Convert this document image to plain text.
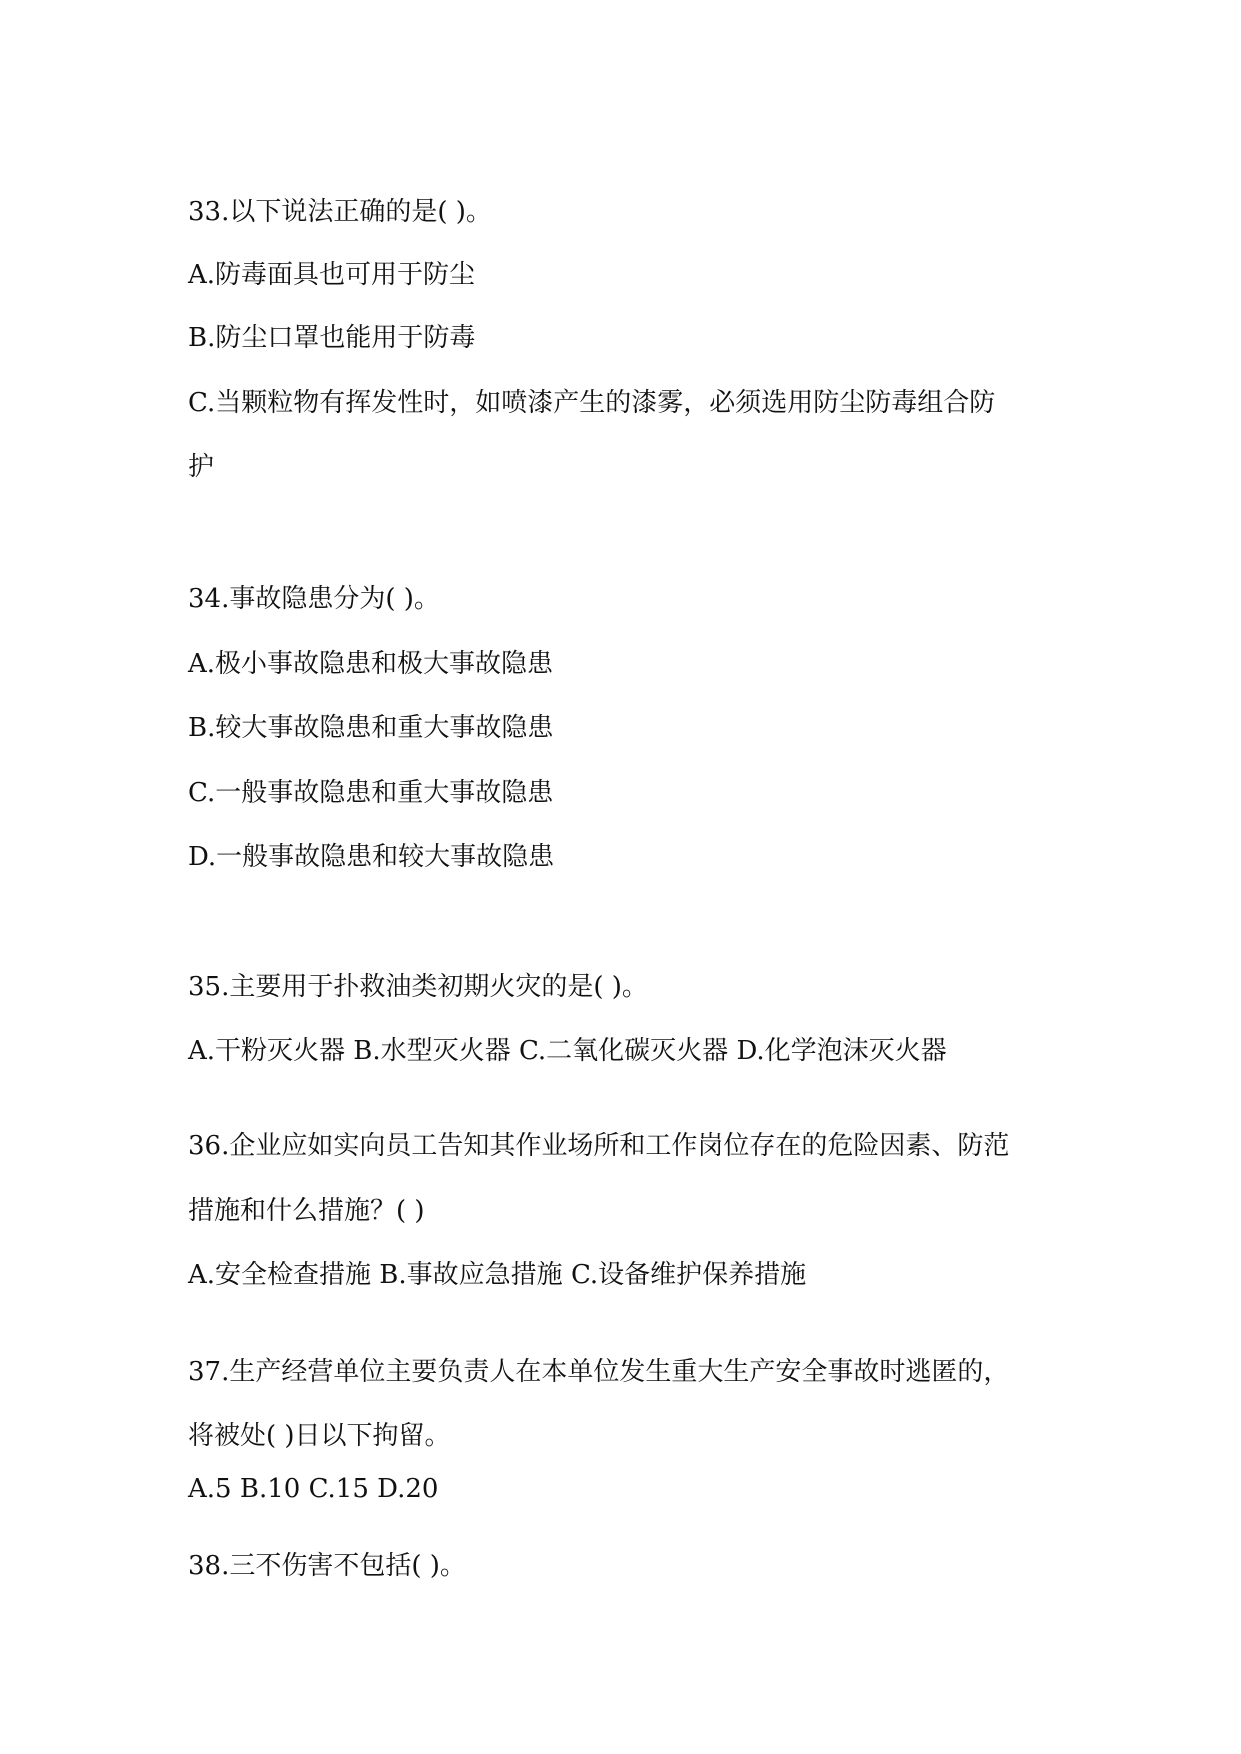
33.以下说法正确的是( )。
A.防毒面具也可用于防尘
B.防尘口罩也能用于防毒
C.当颗粒物有挥发性时，如喷漆产生的漆雾，必须选用防尘防毒组合防
护
34.事故隐患分为( )。
A.极小事故隐患和极大事故隐患
B.较大事故隐患和重大事故隐患
C.一般事故隐患和重大事故隐患
D.一般事故隐患和较大事故隐患
35.主要用于扑救油类初期火灾的是( )。
A.干粉灭火器 B.水型灭火器 C.二氧化碳灭火器 D.化学泡沫灭火器
36.企业应如实向员工告知其作业场所和工作岗位存在的危险因素、防范
措施和什么措施？( )
A.安全检查措施 B.事故应急措施 C.设备维护保养措施
37.生产经营单位主要负责人在本单位发生重大生产安全事故时逃匿的，
将被处( )日以下拘留。
A.5 B.10 C.15 D.20
38.三不伤害不包括( )。
